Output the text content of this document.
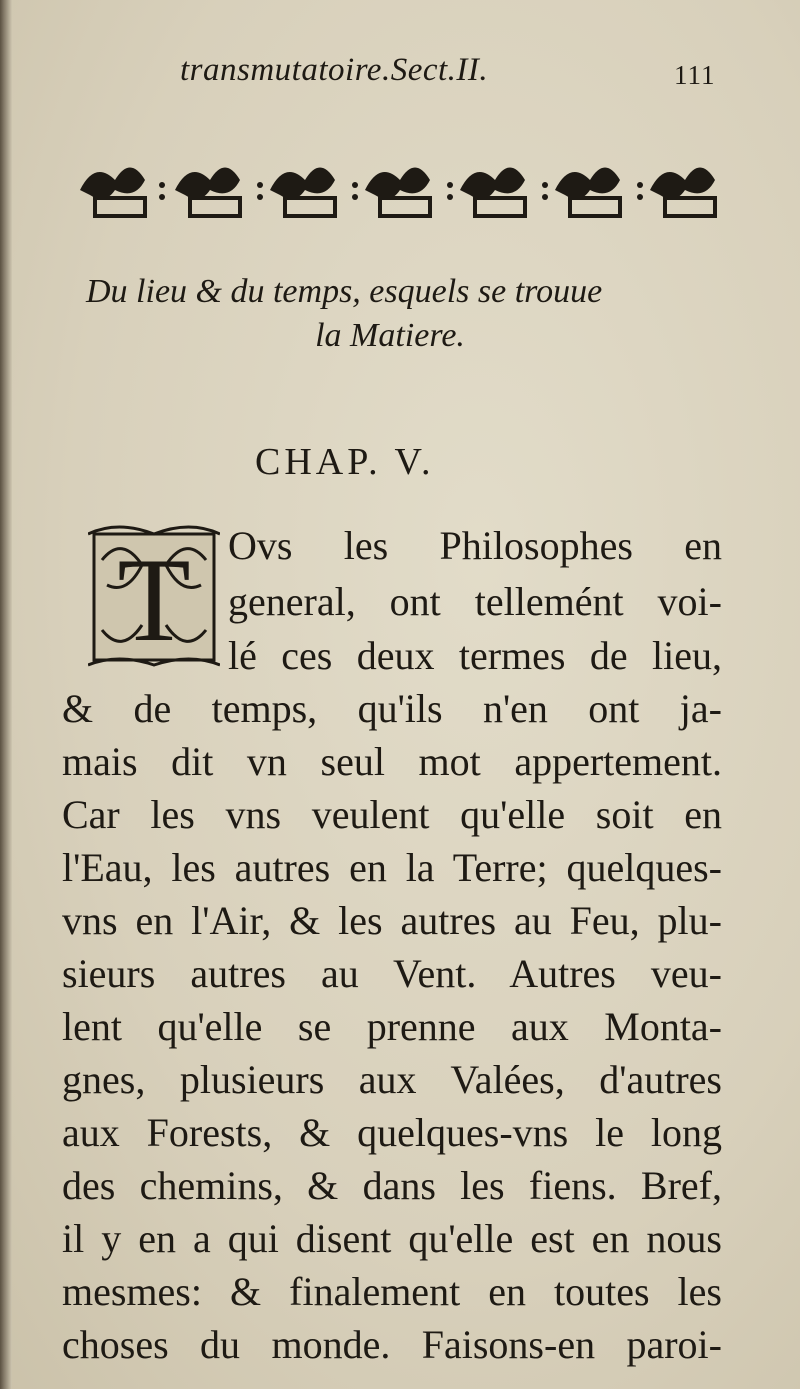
transmutatoire.Sect.II.	111
Du lieu & du temps, esquels se trouue
la Matiere.
CHAP. V.
T Ovs les Philosophes en
general, ont tellemént voi-
lé ces deux termes de lieu,
& de temps, qu'ils n'en ont ja-
mais dit vn seul mot appertement.
Car les vns veulent qu'elle soit en
l'Eau, les autres en la Terre; quelques-
vns en l'Air, & les autres au Feu, plu-
sieurs autres au Vent. Autres veu-
lent qu'elle se prenne aux Monta-
gnes, plusieurs aux Valées, d'autres
aux Forests, & quelques-vns le long
des chemins, & dans les fiens. Bref,
il y en a qui disent qu'elle est en nous
mesmes: & finalement en toutes les
choses du monde. Faisons-en paroi-
